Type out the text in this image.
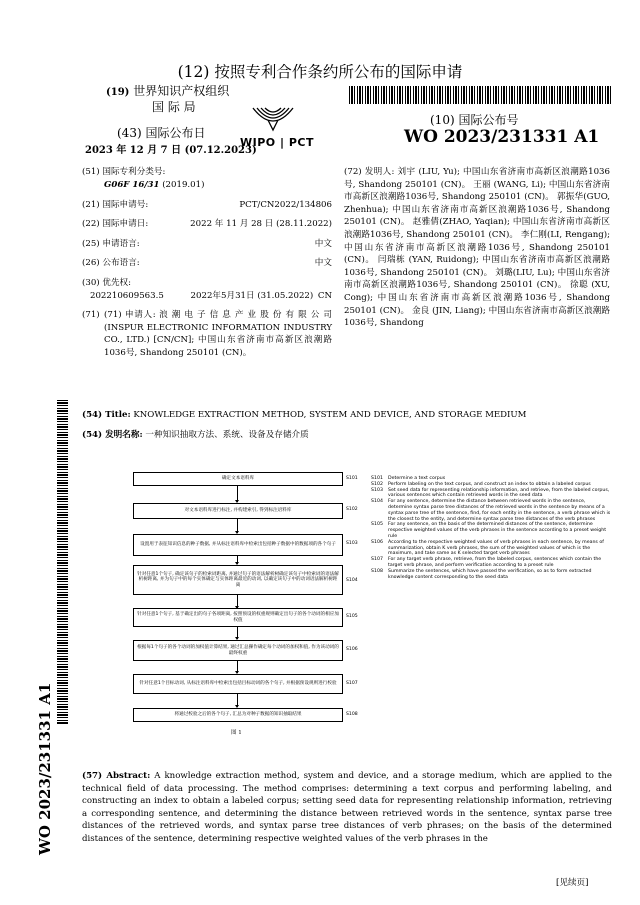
(12) 按照专利合作条约所公布的国际申请
(19) 世界知识产权组织
国 际 局
(43) 国际公布日
2023 年 12 月 7 日 (07.12.2023)
WIPO | PCT
(10) 国际公布号
WO 2023/231331 A1
(51) 国际专利分类号:
G06F 16/31 (2019.01)
(21) 国际申请号:	PCT/CN2022/134806
(22) 国际申请日:	2022 年 11 月 28 日 (28.11.2022)
(25) 申请语言:	中文
(26) 公布语言:	中文
(30) 优先权:
202210609563.5	2022年5月31日 (31.05.2022) CN
(71) (71) 申请人: 浪 潮 电 子 信 息 产 业 股 份 有 限 公 司 (INSPUR ELECTRONIC INFORMATION INDUSTRY CO., LTD.) [CN/CN]; 中国山东省济南市高新区浪潮路1036号, Shandong 250101 (CN)。
(72) 发明人: 刘宇 (LIU, Yu); 中国山东省济南市高新区浪潮路1036号, Shandong 250101 (CN)。 王丽 (WANG, Li); 中国山东省济南市高新区浪潮路1036号, Shandong 250101 (CN)。 郭振华(GUO, Zhenhua); 中国山东省济南市高新区浪潮路1036号, Shandong 250101 (CN)。 赵雅倩(ZHAO, Yaqian); 中国山东省济南市高新区浪潮路1036号, Shandong 250101 (CN)。 李仁刚(LI, Rengang); 中国山东省济南市高新区浪潮路1036号, Shandong 250101 (CN)。 闫瑞栋 (YAN, Ruidong); 中国山东省济南市高新区浪潮路1036号, Shandong 250101 (CN)。 刘璐(LIU, Lu); 中国山东省济南市高新区浪潮路1036号, Shandong 250101 (CN)。 徐聪 (XU, Cong); 中国山东省济南市高新区浪潮路1036号, Shandong 250101 (CN)。 金良 (JIN, Liang); 中国山东省济南市高新区浪潮路1036号, Shandong
WO 2023/231331 A1
(54) Title: KNOWLEDGE EXTRACTION METHOD, SYSTEM AND DEVICE, AND STORAGE MEDIUM
(54) 发明名称: 一种知识抽取方法、系统、设备及存储介质
确定文本语料库
对文本语料库进行标注, 并构建索引, 得到标注语料库
设置用于表征知识信息的种子数据, 并从标注语料库中检索出包括种子数据中的数据项的各个句子
针对任意1个句子, 确定该句子的检索词距离, 并通过句子的语法解析树确定该句子中检索词的语法解析树距离, 并为句子中的每个实体确定与实体距离最近的动词, 以确定该句子中的动词语法解析树距离
针对任意1个句子, 基于确定出的句子各项距离, 按照预设的权重规则确定出句子的各个动词的相应加权值
根据每1个句子的各个动词的加权值计算结果, 通过汇总操作确定每个动词的加权和值, 作为该动词的最终权重
针对任意1个目标动词, 从标注语料库中检索出包括目标动词的各个句子, 并根据预设规则进行校验
将通过校验之后的各个句子, 汇总为对种子数据的知识抽取结果
S101
S102
S103
S104
S105
S106
S107
S108
图 1
S101	Determine a text corpus
S102	Perform labeling on the text corpus, and construct an index to obtain a labeled corpus
S103	Set seed data for representing relationship information, and retrieve, from the labeled corpus, various sentences which contain retrieved words in the seed data
S104	For any sentence, determine the distance between retrieved words in the sentence, determine syntax parse tree distances of the retrieved words in the sentence by means of a syntax parse tree of the sentence, find, for each entity in the sentence, a verb phrase which is the closest to the entity, and determine syntax parse tree distances of the verb phrases
S105	For any sentence, on the basis of the determined distances of the sentence, determine respective weighted values of the verb phrases in the sentence according to a preset weight rule
S106	According to the respective weighted values of verb phrases in each sentence, by means of summarization, obtain K verb phrases, the sum of the weighted values of which is the maximum, and take same as K selected target verb phrases
S107	For any target verb phrase, retrieve, from the labeled corpus, sentences which contain the target verb phrase, and perform verification according to a preset rule
S108	Summarize the sentences, which have passed the verification, so as to form extracted knowledge content corresponding to the seed data
(57) Abstract: A knowledge extraction method, system and device, and a storage medium, which are applied to the technical field of data processing. The method comprises: determining a text corpus and performing labeling, and constructing an index to obtain a labeled corpus; setting seed data for representing relationship information, retrieving a corresponding sentence, and determining the distance between retrieved words in the sentence, syntax parse tree distances of the retrieved words, and syntax parse tree distances of verb phrases; on the basis of the determined distances of the sentence, determining respective weighted values of the verb phrases in the
[见续页]
